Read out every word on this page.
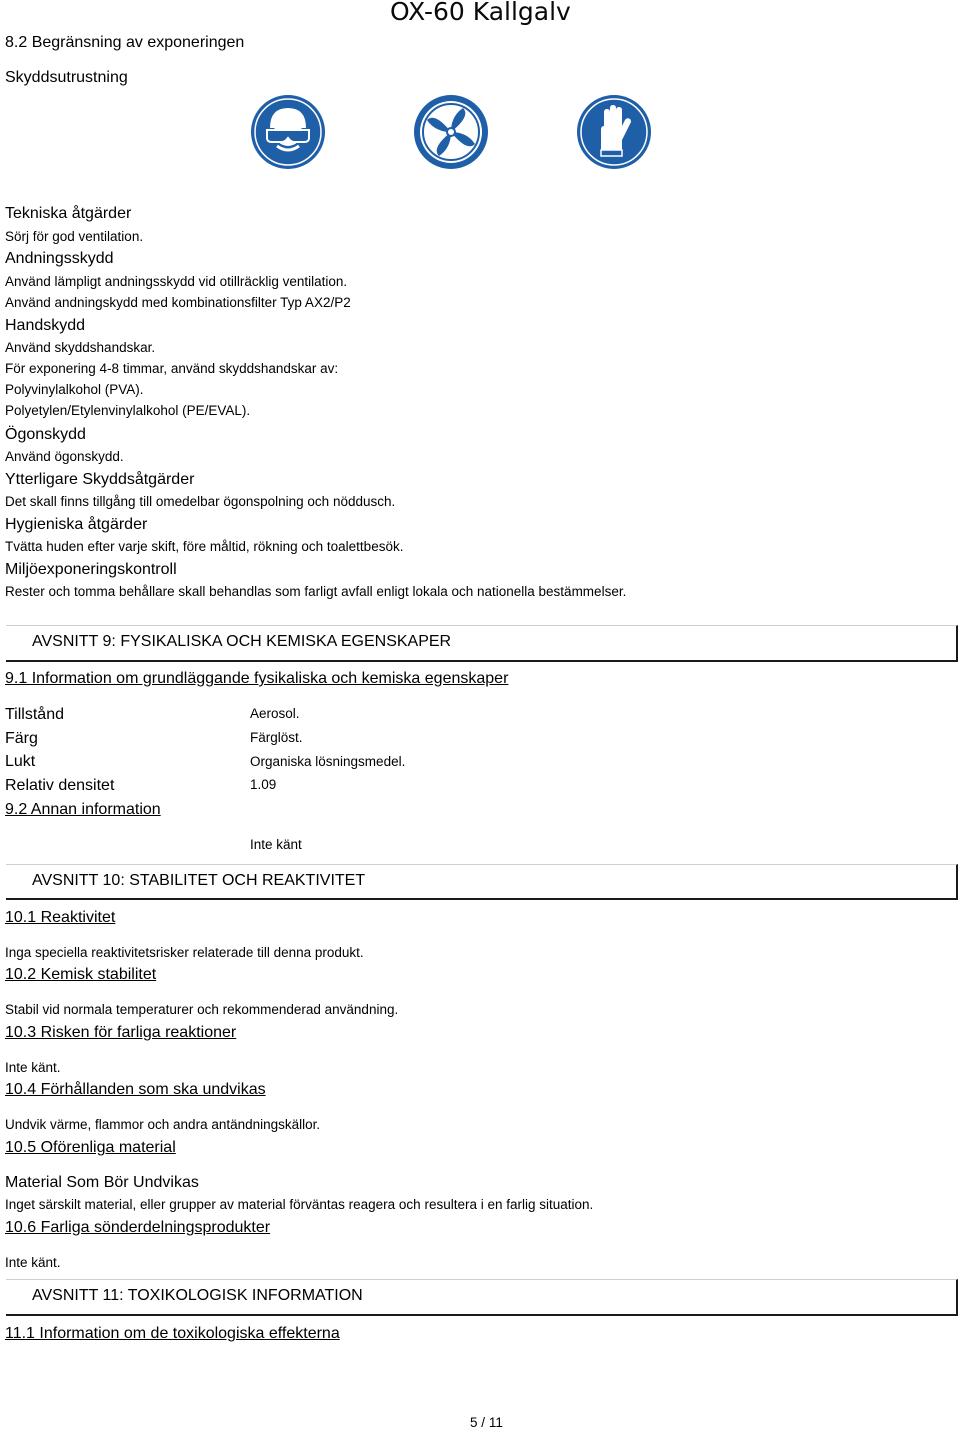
OX-60 Kallgalv
8.2 Begränsning av exponeringen
Skyddsutrustning
Tekniska åtgärder
Sörj för god ventilation.
Andningsskydd
Använd lämpligt andningsskydd vid otillräcklig ventilation.
Använd andningskydd med kombinationsfilter Typ AX2/P2
Handskydd
Använd skyddshandskar.
För exponering 4-8 timmar, använd skyddshandskar av:
Polyvinylalkohol (PVA).
Polyetylen/Etylenvinylalkohol (PE/EVAL).
Ögonskydd
Använd ögonskydd.
Ytterligare Skyddsåtgärder
Det skall finns tillgång till omedelbar ögonspolning och nöddusch.
Hygieniska åtgärder
Tvätta huden efter varje skift, före måltid, rökning och toalettbesök.
Miljöexponeringskontroll
Rester och tomma behållare skall behandlas som farligt avfall enligt lokala och nationella bestämmelser.
AVSNITT 9: FYSIKALISKA OCH KEMISKA EGENSKAPER
9.1 Information om grundläggande fysikaliska och kemiska egenskaper
Tillstånd	Aerosol.
Färg	Färglöst.
Lukt	Organiska lösningsmedel.
Relativ densitet	1.09
9.2 Annan information
Inte känt
AVSNITT 10: STABILITET OCH REAKTIVITET
10.1 Reaktivitet
Inga speciella reaktivitetsrisker relaterade till denna produkt.
10.2 Kemisk stabilitet
Stabil vid normala temperaturer och rekommenderad användning.
10.3 Risken för farliga reaktioner
Inte känt.
10.4 Förhållanden som ska undvikas
Undvik värme, flammor och andra antändningskällor.
10.5 Oförenliga material
Material Som Bör Undvikas
Inget särskilt material, eller grupper av material förväntas reagera och resultera i en farlig situation.
10.6 Farliga sönderdelningsprodukter
Inte känt.
AVSNITT 11: TOXIKOLOGISK INFORMATION
11.1 Information om de toxikologiska effekterna
5 / 11
